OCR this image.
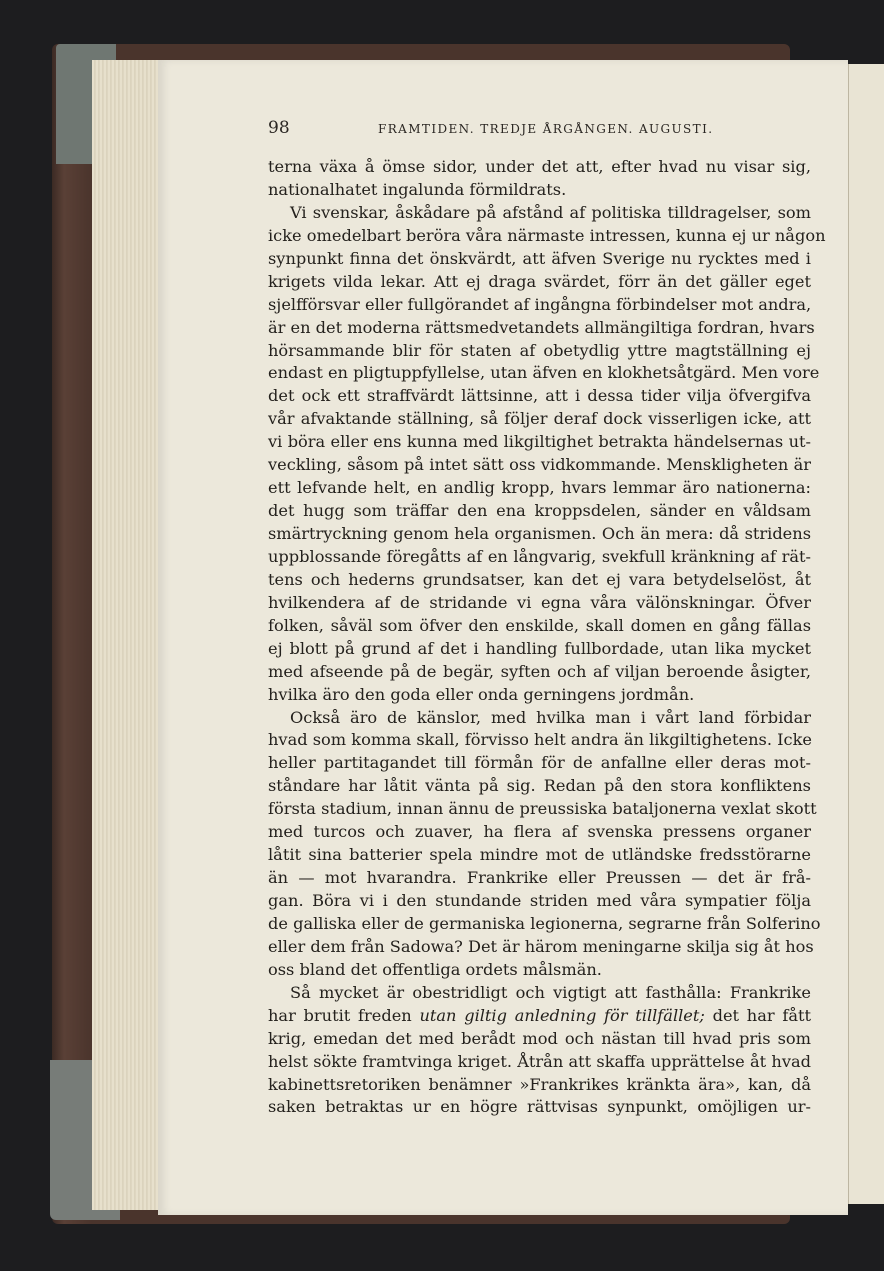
98	FRAMTIDEN. TREDJE ÅRGÅNGEN. AUGUSTI.
terna växa å ömse sidor, under det att, efter hvad nu visar sig,
nationalhatet ingalunda förmildrats.
Vi svenskar, åskådare på afstånd af politiska tilldragelser, som
icke omedelbart beröra våra närmaste intressen, kunna ej ur någon
synpunkt finna det önskvärdt, att äfven Sverige nu rycktes med i
krigets vilda lekar. Att ej draga svärdet, förr än det gäller eget
sjelfförsvar eller fullgörandet af ingångna förbindelser mot andra,
är en det moderna rättsmedvetandets allmängiltiga fordran, hvars
hörsammande blir för staten af obetydlig yttre magtställning ej
endast en pligtuppfyllelse, utan äfven en klokhetsåtgärd. Men vore
det ock ett straffvärdt lättsinne, att i dessa tider vilja öfvergifva
vår afvaktande ställning, så följer deraf dock visserligen icke, att
vi böra eller ens kunna med likgiltighet betrakta händelsernas ut-
veckling, såsom på intet sätt oss vidkommande. Menskligheten är
ett lefvande helt, en andlig kropp, hvars lemmar äro nationerna:
det hugg som träffar den ena kroppsdelen, sänder en våldsam
smärtryckning genom hela organismen. Och än mera: då stridens
uppblossande föregåtts af en långvarig, svekfull kränkning af rät-
tens och hederns grundsatser, kan det ej vara betydelselöst, åt
hvilkendera af de stridande vi egna våra välönskningar. Öfver
folken, såväl som öfver den enskilde, skall domen en gång fällas
ej blott på grund af det i handling fullbordade, utan lika mycket
med afseende på de begär, syften och af viljan beroende åsigter,
hvilka äro den goda eller onda gerningens jordmån.
Också äro de känslor, med hvilka man i vårt land förbidar
hvad som komma skall, förvisso helt andra än likgiltighetens. Icke
heller partitagandet till förmån för de anfallne eller deras mot-
ståndare har låtit vänta på sig. Redan på den stora konfliktens
första stadium, innan ännu de preussiska bataljonerna vexlat skott
med turcos och zuaver, ha flera af svenska pressens organer
låtit sina batterier spela mindre mot de utländske fredsstörarne
än — mot hvarandra. Frankrike eller Preussen — det är frå-
gan. Böra vi i den stundande striden med våra sympatier följa
de galliska eller de germaniska legionerna, segrarne från Solferino
eller dem från Sadowa? Det är härom meningarne skilja sig åt hos
oss bland det offentliga ordets målsmän.
Så mycket är obestridligt och vigtigt att fasthålla: Frankrike
har brutit freden utan giltig anledning för tillfället; det har fått
krig, emedan det med berådt mod och nästan till hvad pris som
helst sökte framtvinga kriget. Åtrån att skaffa upprättelse åt hvad
kabinettsretoriken benämner »Frankrikes kränkta ära», kan, då
saken betraktas ur en högre rättvisas synpunkt, omöjligen ur-
